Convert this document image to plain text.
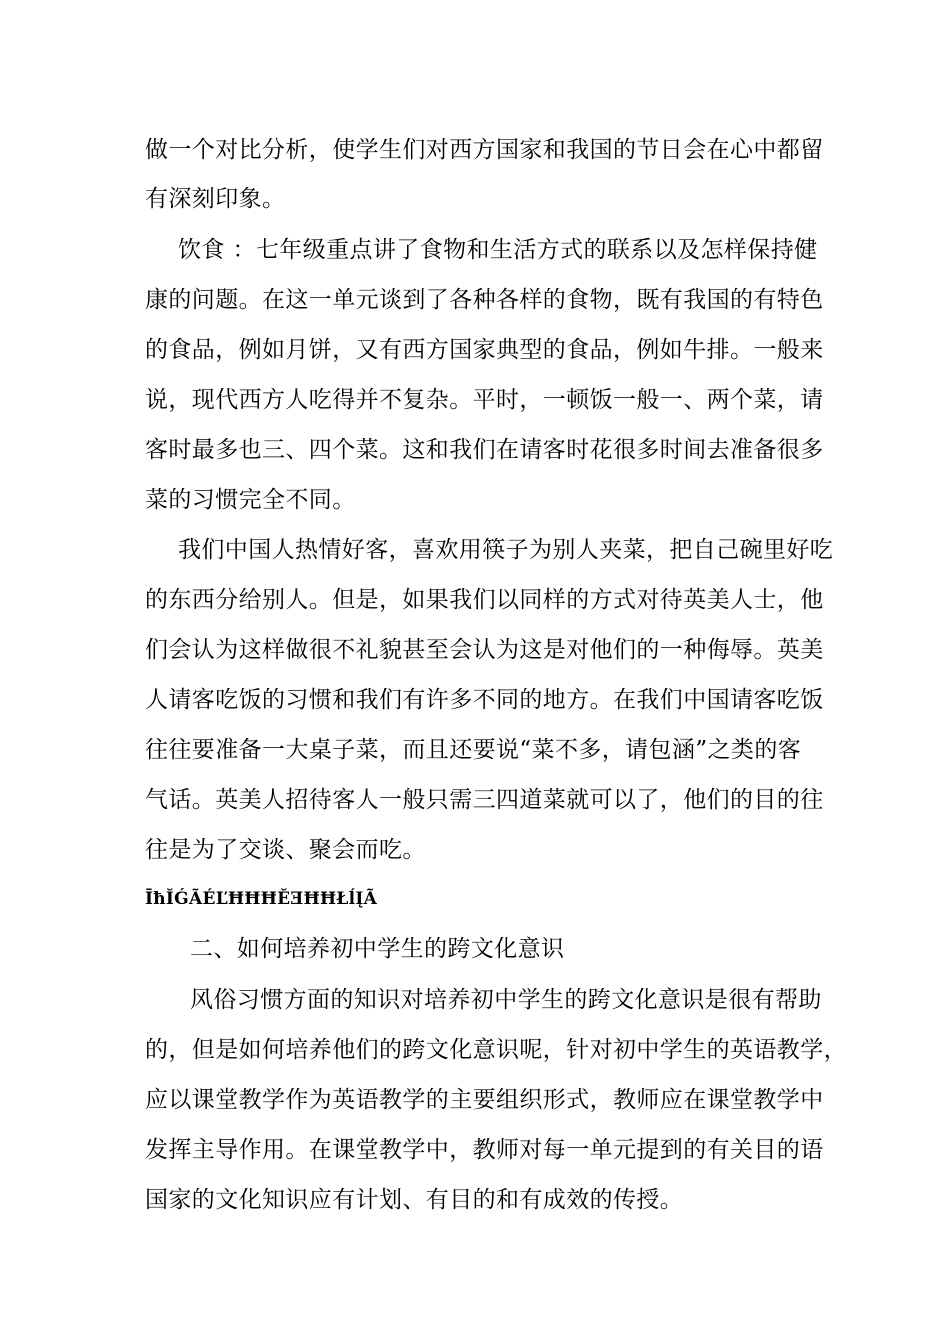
做一个对比分析，使学生们对西方国家和我国的节日会在心中都留
有深刻印象。
饮食 ：七年级重点讲了食物和生活方式的联系以及怎样保持健
康的问题。在这一单元谈到了各种各样的食物，既有我国的有特色
的食品，例如月饼，又有西方国家典型的食品，例如牛排。一般来
说，现代西方人吃得并不复杂。平时，一顿饭一般一、两个菜，请
客时最多也三、四个菜。这和我们在请客时花很多时间去准备很多
菜的习惯完全不同。
我们中国人热情好客，喜欢用筷子为别人夹菜，把自己碗里好吃
的东西分给别人。但是，如果我们以同样的方式对待英美人士，他
们会认为这样做很不礼貌甚至会认为这是对他们的一种侮辱。英美
人请客吃饭的习惯和我们有许多不同的地方。在我们中国请客吃饭
往往要准备一大桌子菜，而且还要说“菜不多，请包涵”之类的客
气话。英美人招待客人一般只需三四道菜就可以了，他们的目的往
往是为了交谈、聚会而吃。
ĪħĬǴÃÉĽĦĦĦĔƎĦĦŁĺĮÃ
二、如何培养初中学生的跨文化意识
风俗习惯方面的知识对培养初中学生的跨文化意识是很有帮助
的，但是如何培养他们的跨文化意识呢，针对初中学生的英语教学，
应以课堂教学作为英语教学的主要组织形式，教师应在课堂教学中
发挥主导作用。在课堂教学中，教师对每一单元提到的有关目的语
国家的文化知识应有计划、有目的和有成效的传授。
